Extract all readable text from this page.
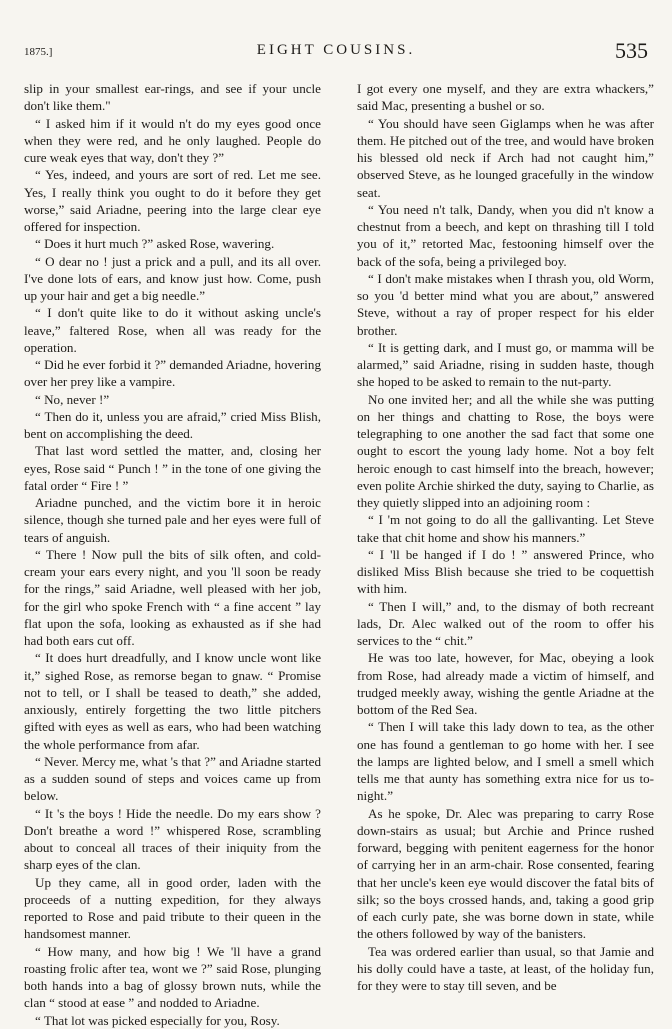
1875.]	EIGHT COUSINS.	535

slip in your smallest ear-rings, and see if your uncle don't like them."

“ I asked him if it would n't do my eyes good once when they were red, and he only laughed. People do cure weak eyes that way, don't they ?”

“ Yes, indeed, and yours are sort of red. Let me see. Yes, I really think you ought to do it before they get worse,” said Ariadne, peering into the large clear eye offered for inspection.

“ Does it hurt much ?” asked Rose, wavering.

“ O dear no ! just a prick and a pull, and its all over. I've done lots of ears, and know just how. Come, push up your hair and get a big needle.”

“ I don't quite like to do it without asking uncle's leave,” faltered Rose, when all was ready for the operation.

“ Did he ever forbid it ?” demanded Ariadne, hovering over her prey like a vampire.

“ No, never !”

“ Then do it, unless you are afraid,” cried Miss Blish, bent on accomplishing the deed.

That last word settled the matter, and, closing her eyes, Rose said “ Punch ! ” in the tone of one giving the fatal order “ Fire ! ”

Ariadne punched, and the victim bore it in heroic silence, though she turned pale and her eyes were full of tears of anguish.

“ There ! Now pull the bits of silk often, and cold-cream your ears every night, and you 'll soon be ready for the rings,” said Ariadne, well pleased with her job, for the girl who spoke French with “ a fine accent ” lay flat upon the sofa, looking as exhausted as if she had had both ears cut off.

“ It does hurt dreadfully, and I know uncle wont like it,” sighed Rose, as remorse began to gnaw. “ Promise not to tell, or I shall be teased to death,” she added, anxiously, entirely forgetting the two little pitchers gifted with eyes as well as ears, who had been watching the whole performance from afar.

“ Never. Mercy me, what 's that ?” and Ariadne started as a sudden sound of steps and voices came up from below.

“ It 's the boys ! Hide the needle. Do my ears show ? Don't breathe a word !” whispered Rose, scrambling about to conceal all traces of their iniquity from the sharp eyes of the clan.

Up they came, all in good order, laden with the proceeds of a nutting expedition, for they always reported to Rose and paid tribute to their queen in the handsomest manner.

“ How many, and how big ! We 'll have a grand roasting frolic after tea, wont we ?” said Rose, plunging both hands into a bag of glossy brown nuts, while the clan “ stood at ease ” and nodded to Ariadne.

“ That lot was picked especially for you, Rosy.

I got every one myself, and they are extra whackers,” said Mac, presenting a bushel or so.

“ You should have seen Giglamps when he was after them. He pitched out of the tree, and would have broken his blessed old neck if Arch had not caught him,” observed Steve, as he lounged gracefully in the window seat.

“ You need n't talk, Dandy, when you did n't know a chestnut from a beech, and kept on thrashing till I told you of it,” retorted Mac, festooning himself over the back of the sofa, being a privileged boy.

“ I don't make mistakes when I thrash you, old Worm, so you 'd better mind what you are about,” answered Steve, without a ray of proper respect for his elder brother.

“ It is getting dark, and I must go, or mamma will be alarmed,” said Ariadne, rising in sudden haste, though she hoped to be asked to remain to the nut-party.

No one invited her; and all the while she was putting on her things and chatting to Rose, the boys were telegraphing to one another the sad fact that some one ought to escort the young lady home. Not a boy felt heroic enough to cast himself into the breach, however; even polite Archie shirked the duty, saying to Charlie, as they quietly slipped into an adjoining room :

“ I 'm not going to do all the gallivanting. Let Steve take that chit home and show his manners.”

“ I 'll be hanged if I do ! ” answered Prince, who disliked Miss Blish because she tried to be coquettish with him.

“ Then I will,” and, to the dismay of both recreant lads, Dr. Alec walked out of the room to offer his services to the “ chit.”

He was too late, however, for Mac, obeying a look from Rose, had already made a victim of himself, and trudged meekly away, wishing the gentle Ariadne at the bottom of the Red Sea.

“ Then I will take this lady down to tea, as the other one has found a gentleman to go home with her. I see the lamps are lighted below, and I smell a smell which tells me that aunty has something extra nice for us to-night.”

As he spoke, Dr. Alec was preparing to carry Rose down-stairs as usual; but Archie and Prince rushed forward, begging with penitent eagerness for the honor of carrying her in an arm-chair. Rose consented, fearing that her uncle's keen eye would discover the fatal bits of silk; so the boys crossed hands, and, taking a good grip of each curly pate, she was borne down in state, while the others followed by way of the banisters.

Tea was ordered earlier than usual, so that Jamie and his dolly could have a taste, at least, of the holiday fun, for they were to stay till seven, and be
